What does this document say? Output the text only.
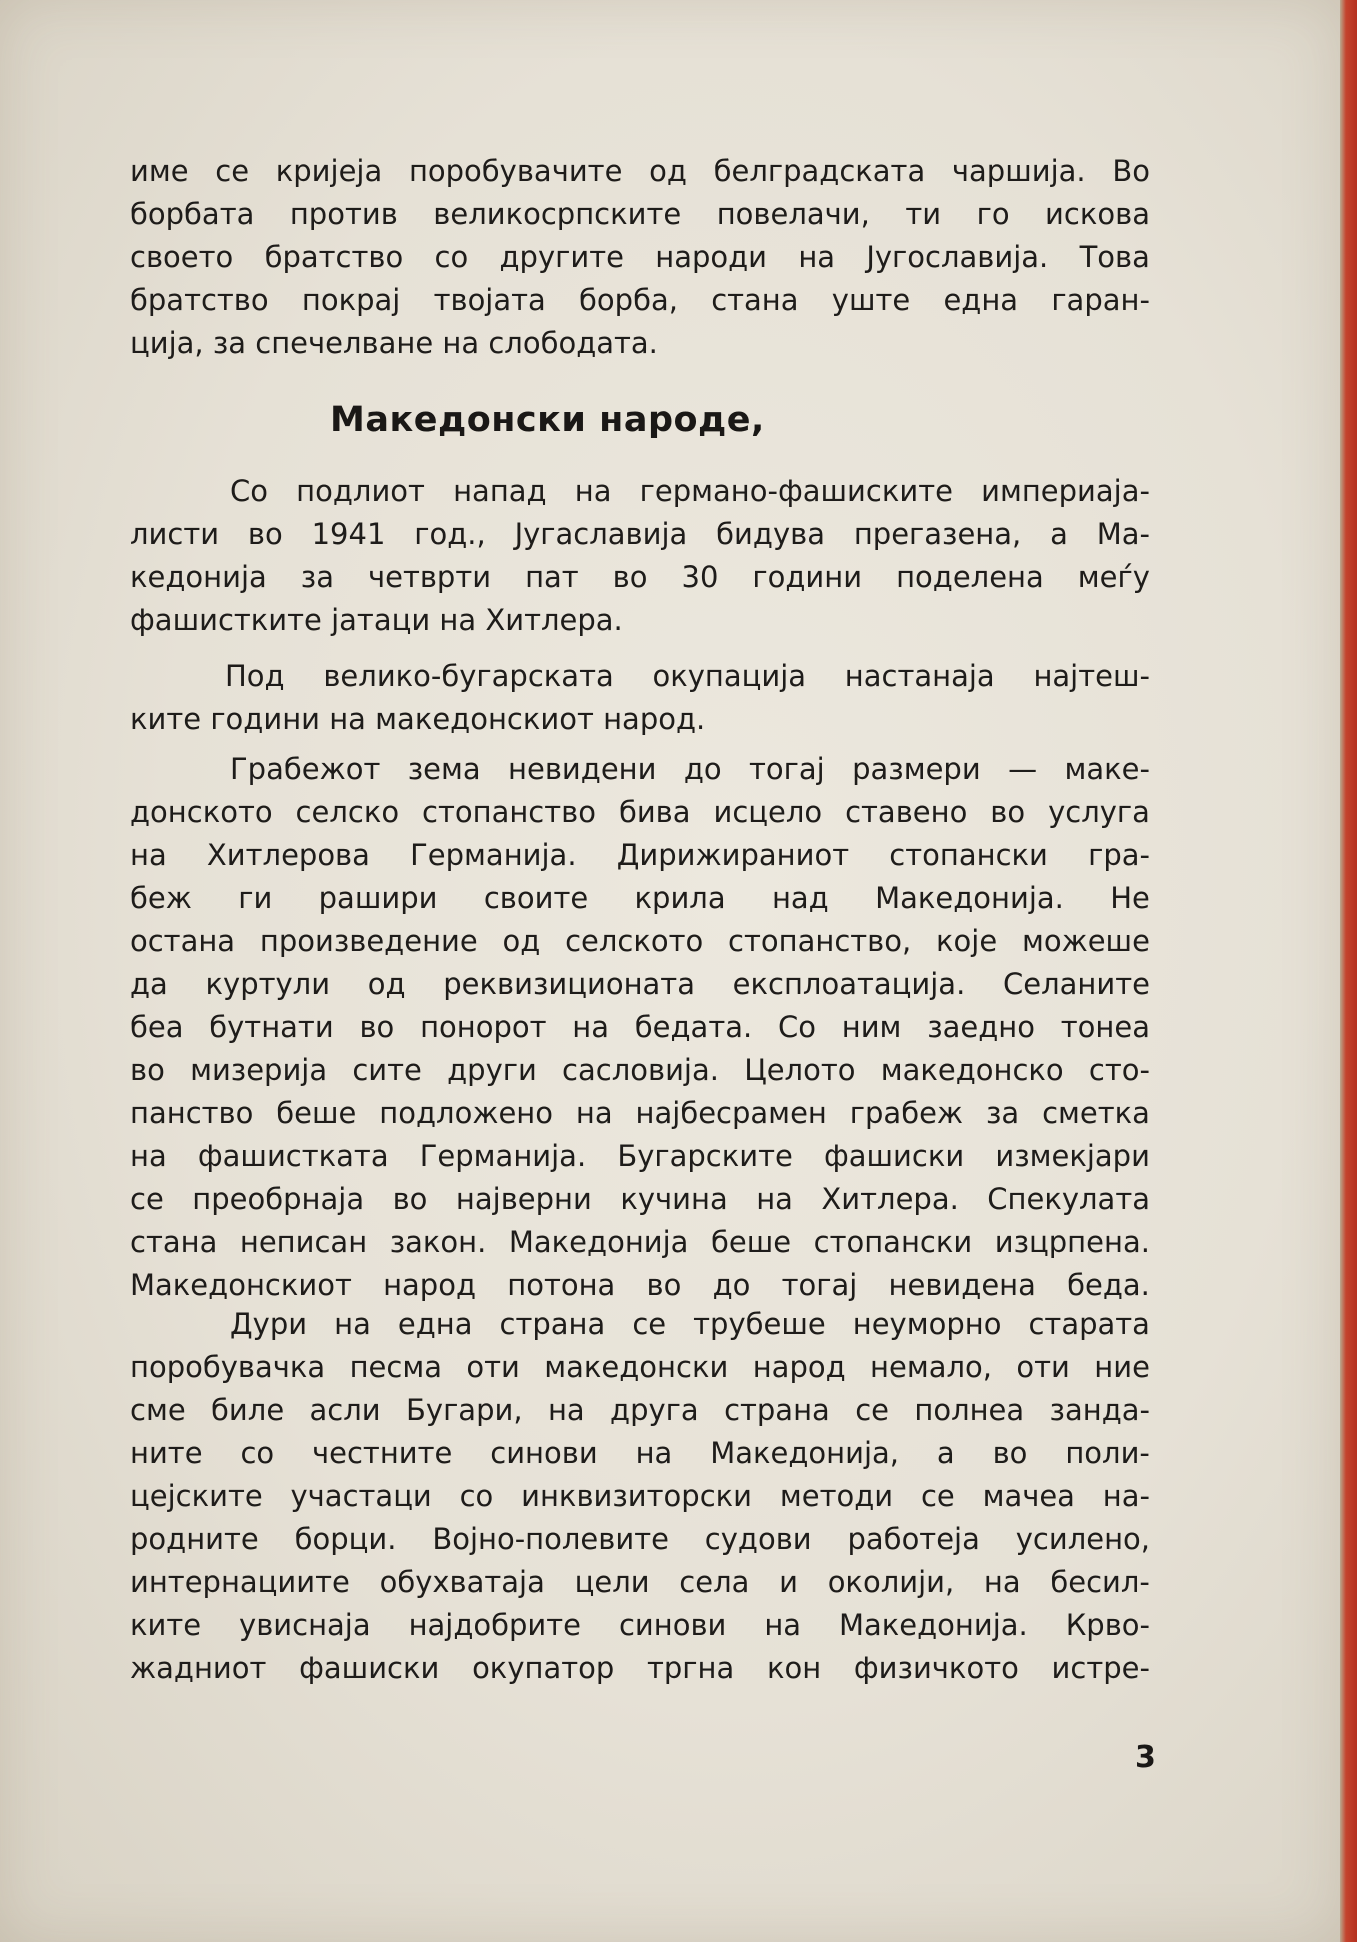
име се криjеjа поробувачите од белградската чаршиjа. Во
борбата против великосрпските повелачи, ти го искова
своето братство со другите народи на Jугославиjа. Това
братство покрај твојата борба, стана уште една гаран-
циjа, за спечелване на слободата.
Македонски народе,
Со подлиот напад на германо-фашиските империаја-
листи во 1941 год., Jугаславиjа бидува прегазена, а Ма-
кедонија за четврти пат во 30 години поделена меѓу
фашистките jатаци на Хитлера.
Под велико-бугарската окупациjа настанаjа најтеш-
ките години на македонскиот народ.
Грабежот зема невидени до тогаj размери — маке-
донското селско стопанство бива исцело ставено во услуга
на Хитлерова Германија. Дирижираниот стопански гра-
беж ги рашири своите крила над Македониjа. Не
остана произведение од селското стопанство, коjе можеше
да куртули од реквизиционата експлоатациjа. Селаните
беа бутнати во понорот на бедата. Со ним заедно тонеа
во мизериjа сите други сасловиjа. Целото македонско сто-
панство беше подложено на најбесрамен грабеж за сметка
на фашистката Германиjа. Бугарските фашиски измекjари
се преобрнаjа во најверни кучина на Хитлера. Спекулата
стана неписан закон. Македонија беше стопански изцрпена.
Македонскиот народ потона во до тогаj невидена беда.
Дури на една страна се трубеше неуморно старата
поробувачка песма оти македонски народ немало, оти ние
сме биле асли Бугари, на друга страна се полнеа занда-
ните со честните синови на Македониjа, а во поли-
цеjските участаци со инквизиторски методи се мачеа на-
родните борци. Воjно-полевите судови работеjа усилено,
интернациите обухватаjа цели села и околиjи, на бесил-
ките увиснаjа најдобрите синови на Македонија. Крво-
жадниот фашиски окупатор тргна кон физичкото истре-
3
